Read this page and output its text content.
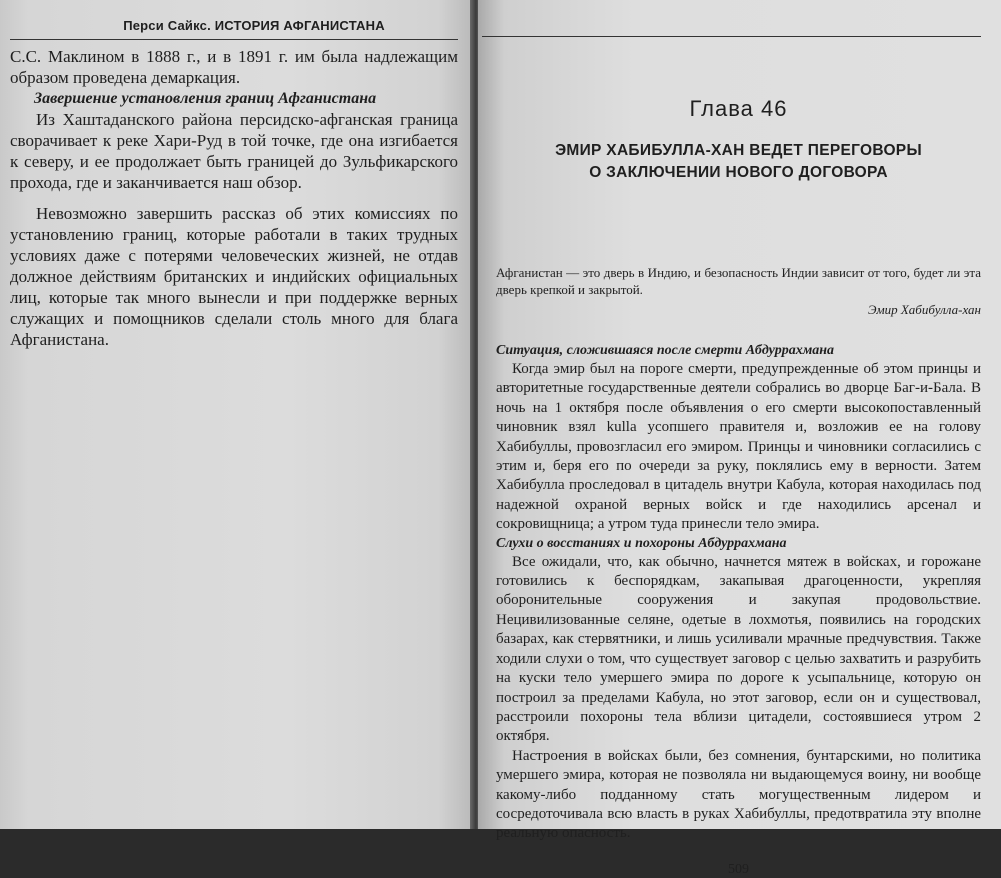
Перси Сайкс. ИСТОРИЯ АФГАНИСТАНА

С.С. Маклином в 1888 г., и в 1891 г. им была надлежащим образом проведена демаркация.

Завершение установления границ Афганистана

Из Хаштаданского района персидско-афганская граница сворачивает к реке Хари-Руд в той точке, где она изгибается к северу, и ее продолжает быть границей до Зульфикарского прохода, где и заканчивается наш обзор.

Невозможно завершить рассказ об этих комиссиях по установлению границ, которые работали в таких трудных условиях даже с потерями человеческих жизней, не отдав должное действиям британских и индийских официальных лиц, которые так много вынесли и при поддержке верных служащих и помощников сделали столь много для блага Афганистана.

Глава 46
ЭМИР ХАБИБУЛЛА-ХАН ВЕДЕТ ПЕРЕГОВОРЫ
О ЗАКЛЮЧЕНИИ НОВОГО ДОГОВОРА
Афганистан — это дверь в Индию, и безопасность Индии зависит от того, будет ли эта дверь крепкой и закрытой.
Эмир Хабибулла-хан
Ситуация, сложившаяся после смерти Абдуррахмана

Когда эмир был на пороге смерти, предупрежденные об этом принцы и авторитетные государственные деятели собрались во дворце Баг-и-Бала. В ночь на 1 октября после объявления о его смерти высокопоставленный чиновник взял kulla усопшего правителя и, возложив ее на голову Хабибуллы, провозгласил его эмиром. Принцы и чиновники согласились с этим и, беря его по очереди за руку, поклялись ему в верности. Затем Хабибулла проследовал в цитадель внутри Кабула, которая находилась под надежной охраной верных войск и где находились арсенал и сокровищница; а утром туда принесли тело эмира.

Слухи о восстаниях и похороны Абдуррахмана

Все ожидали, что, как обычно, начнется мятеж в войсках, и горожане готовились к беспорядкам, закапывая драгоценности, укрепляя оборонительные сооружения и закупая продовольствие. Нецивилизованные селяне, одетые в лохмотья, появились на городских базарах, как стервятники, и лишь усиливали мрачные предчувствия. Также ходили слухи о том, что существует заговор с целью захватить и разрубить на куски тело умершего эмира по дороге к усыпальнице, которую он построил за пределами Кабула, но этот заговор, если он и существовал, расстроили похороны тела вблизи цитадели, состоявшиеся утром 2 октября.

Настроения в войсках были, без сомнения, бунтарскими, но политика умершего эмира, которая не позволяла ни выдающемуся воину, ни вообще какому-либо подданному стать могущественным лидером и сосредоточивала всю власть в руках Хабибуллы, предотвратила эту вполне реальную опасность.

509
